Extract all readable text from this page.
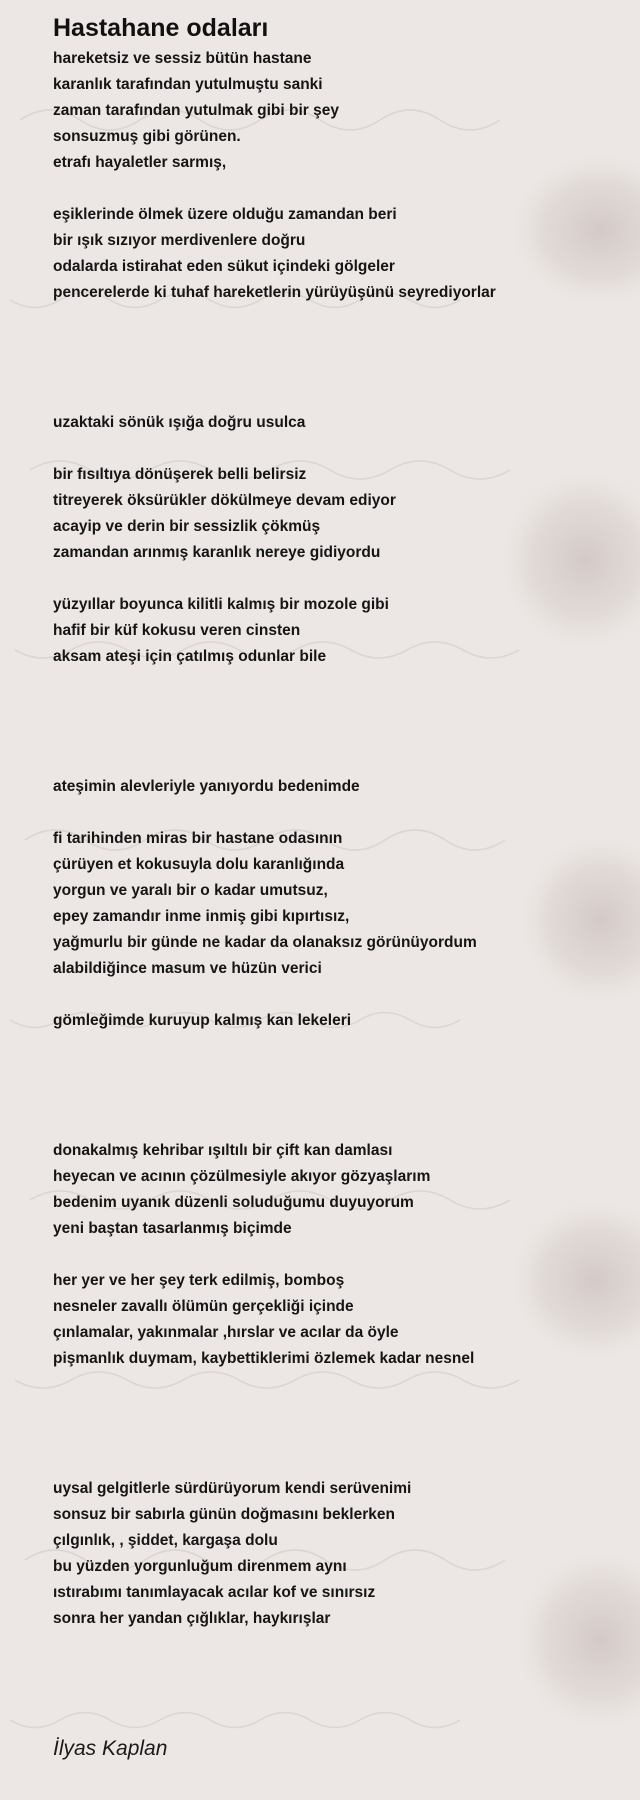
Hastahane odaları
hareketsiz ve sessiz bütün hastane
karanlık tarafından yutulmuştu sanki
zaman tarafından yutulmak gibi bir şey
sonsuzmuş gibi görünen.
etrafı hayaletler sarmış,
eşiklerinde ölmek üzere olduğu zamandan beri
bir ışık sızıyor merdivenlere doğru
odalarda istirahat eden sükut içindeki gölgeler
pencerelerde ki tuhaf hareketlerin yürüyüşünü seyrediyorlar
uzaktaki sönük ışığa doğru usulca
bir fısıltıya dönüşerek belli belirsiz
titreyerek öksürükler dökülmeye devam ediyor
acayip ve derin bir sessizlik çökmüş
zamandan arınmış karanlık nereye gidiyordu
yüzyıllar boyunca kilitli kalmış bir mozole gibi
hafif bir küf kokusu veren cinsten
aksam ateşi için çatılmış odunlar bile
ateşimin alevleriyle yanıyordu bedenimde
fi tarihinden miras bir hastane odasının
çürüyen et kokusuyla dolu karanlığında
yorgun ve yaralı bir o kadar umutsuz,
epey zamandır inme inmiş gibi kıpırtısız,
yağmurlu bir günde ne kadar da olanaksız görünüyordum
alabildiğince masum ve hüzün verici
gömleğimde kuruyup kalmış kan lekeleri
donakalmış kehribar ışıltılı bir çift kan damlası
heyecan ve acının çözülmesiyle akıyor gözyaşlarım
bedenim uyanık düzenli soluduğumu duyuyorum
yeni baştan tasarlanmış biçimde
her yer ve her şey terk edilmiş, bomboş
nesneler zavallı ölümün gerçekliği içinde
çınlamalar, yakınmalar ,hırslar ve acılar da öyle
pişmanlık duymam, kaybettiklerimi özlemek kadar nesnel
uysal gelgitlerle sürdürüyorum kendi serüvenimi
sonsuz bir sabırla günün doğmasını beklerken
çılgınlık, , şiddet, kargaşa dolu
bu yüzden yorgunluğum direnmem aynı
ıstırabımı tanımlayacak acılar kof ve sınırsız
sonra her yandan çığlıklar, haykırışlar
İlyas Kaplan
